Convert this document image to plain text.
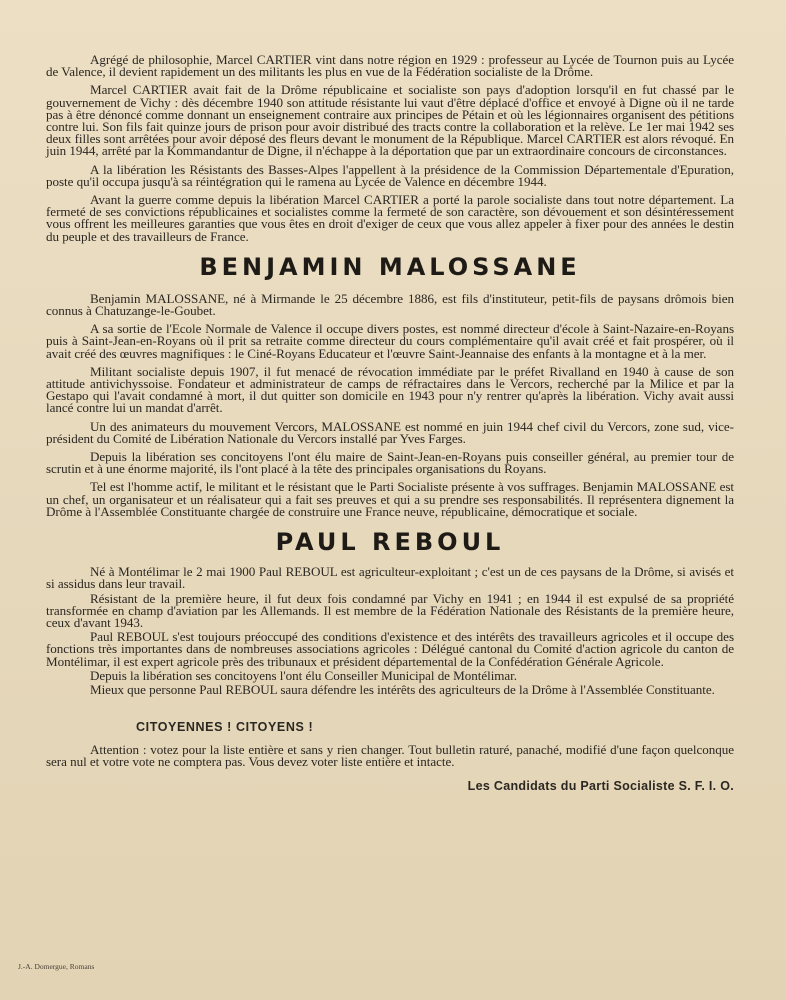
Agrégé de philosophie, Marcel CARTIER vint dans notre région en 1929 : professeur au Lycée de Tournon puis au Lycée de Valence, il devient rapidement un des militants les plus en vue de la Fédération socialiste de la Drôme.

Marcel CARTIER avait fait de la Drôme républicaine et socialiste son pays d'adoption lorsqu'il en fut chassé par le gouvernement de Vichy : dès décembre 1940 son attitude résistante lui vaut d'être déplacé d'office et envoyé à Digne où il ne tarde pas à être dénoncé comme donnant un enseignement contraire aux principes de Pétain et où les légionnaires organisent des pétitions contre lui. Son fils fait quinze jours de prison pour avoir distribué des tracts contre la collaboration et la relève. Le 1er mai 1942 ses deux filles sont arrêtées pour avoir déposé des fleurs devant le monument de la République. Marcel CARTIER est alors révoqué. En juin 1944, arrêté par la Kommandantur de Digne, il n'échappe à la déportation que par un extraordinaire concours de circonstances.

A la libération les Résistants des Basses-Alpes l'appellent à la présidence de la Commission Départementale d'Epuration, poste qu'il occupa jusqu'à sa réintégration qui le ramena au Lycée de Valence en décembre 1944.

Avant la guerre comme depuis la libération Marcel CARTIER a porté la parole socialiste dans tout notre département. La fermeté de ses convictions républicaines et socialistes comme la fermeté de son caractère, son dévouement et son désintéressement vous offrent les meilleures garanties que vous êtes en droit d'exiger de ceux que vous allez appeler à fixer pour des années le destin du peuple et des travailleurs de France.

BENJAMIN MALOSSANE

Benjamin MALOSSANE, né à Mirmande le 25 décembre 1886, est fils d'instituteur, petit-fils de paysans drômois bien connus à Chatuzange-le-Goubet.

A sa sortie de l'Ecole Normale de Valence il occupe divers postes, est nommé directeur d'école à Saint-Nazaire-en-Royans puis à Saint-Jean-en-Royans où il prit sa retraite comme directeur du cours complémentaire qu'il avait créé et fait prospérer, où il avait créé des œuvres magnifiques : le Ciné-Royans Educateur et l'œuvre Saint-Jeannaise des enfants à la montagne et à la mer.

Militant socialiste depuis 1907, il fut menacé de révocation immédiate par le préfet Rivalland en 1940 à cause de son attitude antivichyssoise. Fondateur et administrateur de camps de réfractaires dans le Vercors, recherché par la Milice et par la Gestapo qui l'avait condamné à mort, il dut quitter son domicile en 1943 pour n'y rentrer qu'après la libération. Vichy avait aussi lancé contre lui un mandat d'arrêt.

Un des animateurs du mouvement Vercors, MALOSSANE est nommé en juin 1944 chef civil du Vercors, zone sud, vice-président du Comité de Libération Nationale du Vercors installé par Yves Farges.

Depuis la libération ses concitoyens l'ont élu maire de Saint-Jean-en-Royans puis conseiller général, au premier tour de scrutin et à une énorme majorité, ils l'ont placé à la tête des principales organisations du Royans.

Tel est l'homme actif, le militant et le résistant que le Parti Socialiste présente à vos suffrages. Benjamin MALOSSANE est un chef, un organisateur et un réalisateur qui a fait ses preuves et qui a su prendre ses responsabilités. Il représentera dignement la Drôme à l'Assemblée Constituante chargée de construire une France neuve, républicaine, démocratique et sociale.

PAUL REBOUL

Né à Montélimar le 2 mai 1900 Paul REBOUL est agriculteur-exploitant ; c'est un de ces paysans de la Drôme, si avisés et si assidus dans leur travail.

Résistant de la première heure, il fut deux fois condamné par Vichy en 1941 ; en 1944 il est expulsé de sa propriété transformée en champ d'aviation par les Allemands. Il est membre de la Fédération Nationale des Résistants de la première heure, ceux d'avant 1943.

Paul REBOUL s'est toujours préoccupé des conditions d'existence et des intérêts des travailleurs agricoles et il occupe des fonctions très importantes dans de nombreuses associations agricoles : Délégué cantonal du Comité d'action agricole du canton de Montélimar, il est expert agricole près des tribunaux et président départemental de la Confédération Générale Agricole.

Depuis la libération ses concitoyens l'ont élu Conseiller Municipal de Montélimar.

Mieux que personne Paul REBOUL saura défendre les intérêts des agriculteurs de la Drôme à l'Assemblée Constituante.

CITOYENNES ! CITOYENS !

Attention : votez pour la liste entière et sans y rien changer. Tout bulletin raturé, panaché, modifié d'une façon quelconque sera nul et votre vote ne comptera pas. Vous devez voter liste entière et intacte.

Les Candidats du Parti Socialiste S. F. I. O.
J.-A. Domergue, Romans
